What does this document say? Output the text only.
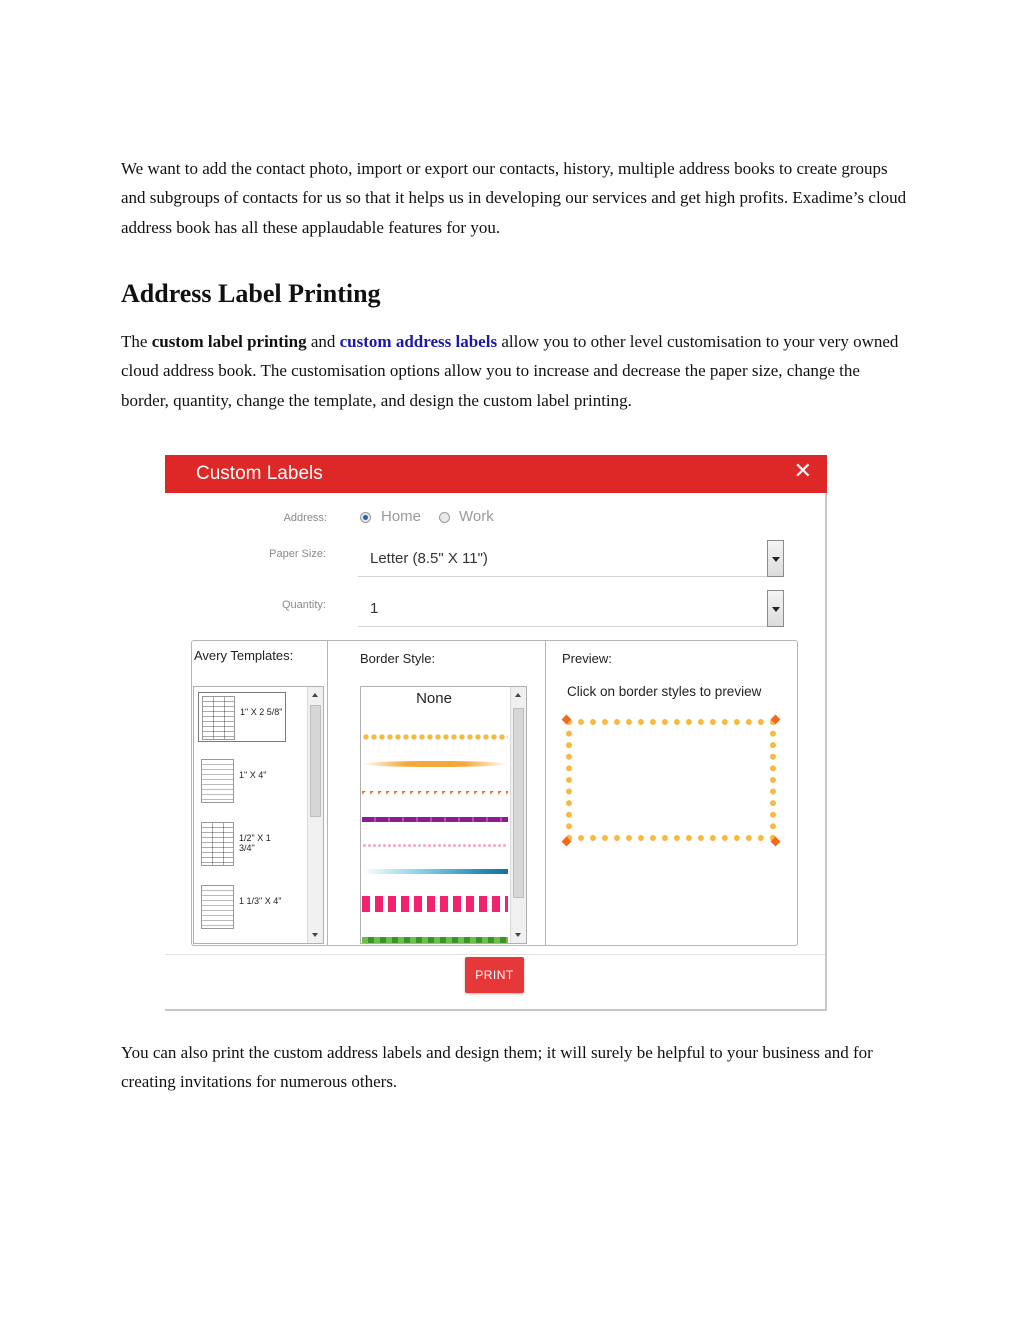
We want to add the contact photo, import or export our contacts, history, multiple address books to create groups and subgroups of contacts for us so that it helps us in developing our services and get high profits. Exadime’s cloud address book has all these applaudable features for you.

Address Label Printing

The custom label printing and custom address labels allow you to other level customisation to your very owned cloud address book. The customisation options allow you to increase and decrease the paper size, change the border, quantity, change the template, and design the custom label printing.

Custom Labels	✕
Address:	Home	Work
Paper Size:	Letter (8.5" X 11")
Quantity:	1
Avery Templates:	Border Style:	Preview:
1" X 2 5/8"
1" X 4"
1/2" X 1 3/4"
1 1/3" X 4"
None	Click on border styles to preview
PRINT

You can also print the custom address labels and design them; it will surely be helpful to your business and for creating invitations for numerous others.
